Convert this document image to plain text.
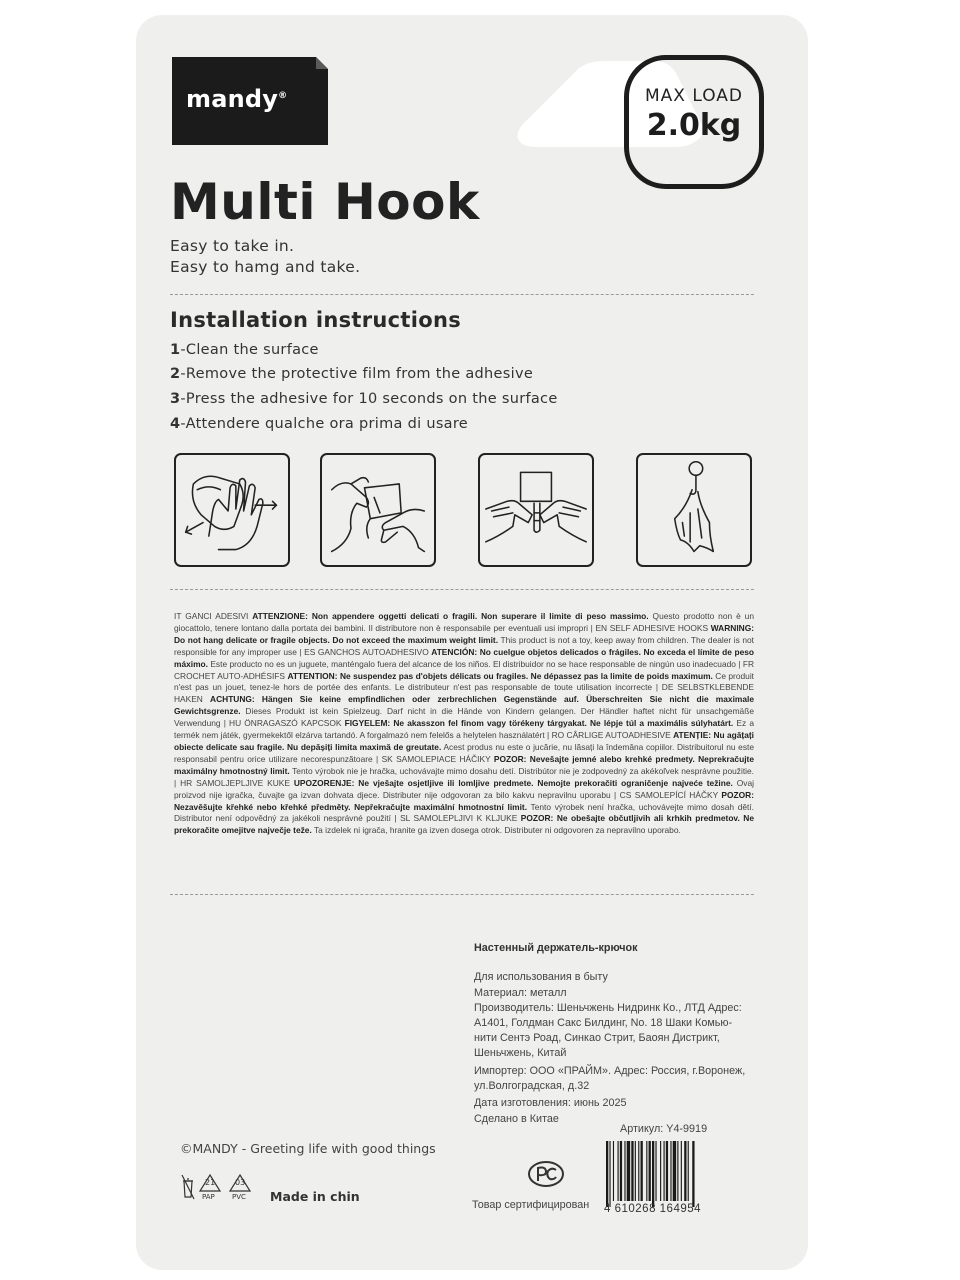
mandy®	MAX LOAD
2.0kg
Multi Hook
Easy to take in.
Easy to hamg and take.
Installation instructions
1-Clean the surface
2-Remove the protective film from the adhesive
3-Press the adhesive for 10 seconds on the surface
4-Attendere qualche ora prima di usare
IT GANCI ADESIVI ATTENZIONE: Non appendere oggetti delicati o fragili. Non superare il limite di peso massimo. Questo prodotto non è un giocattolo, tenere lontano dalla portata dei bambini. Il distributore non è responsabile per eventuali usi impropri | EN SELF ADHESIVE HOOKS WARNING: Do not hang delicate or fragile objects. Do not exceed the maximum weight limit. This product is not a toy, keep away from children. The dealer is not responsible for any improper use | ES GANCHOS AUTOADHESIVO ATENCIÓN: No cuelgue objetos delicados o frágiles. No exceda el límite de peso máximo. Este producto no es un juguete, manténgalo fuera del alcance de los niños. El distribuidor no se hace responsable de ningún uso inadecuado | FR CROCHET AUTO-ADHÉSIFS ATTENTION: Ne suspendez pas d'objets délicats ou fragiles. Ne dépassez pas la limite de poids maximum. Ce produit n'est pas un jouet, tenez-le hors de portée des enfants. Le distributeur n'est pas responsable de toute utilisation incorrecte | DE SELBSTKLEBENDE HAKEN ACHTUNG: Hängen Sie keine empfindlichen oder zerbrechlichen Gegenstände auf. Überschreiten Sie nicht die maximale Gewichtsgrenze. Dieses Produkt ist kein Spielzeug. Darf nicht in die Hände von Kindern gelangen. Der Händler haftet nicht für unsachgemäße Verwendung | HU ÖNRAGASZÓ KAPCSOK FIGYELEM: Ne akasszon fel finom vagy törékeny tárgyakat. Ne lépje túl a maximális súlyhatárt. Ez a termék nem játék, gyermekektől elzárva tartandó. A forgalmazó nem felelős a helytelen használatért | RO CÂRLIGE AUTOADHESIVE ATENȚIE: Nu agățați obiecte delicate sau fragile. Nu depășiți limita maximă de greutate. Acest produs nu este o jucărie, nu lăsați la îndemâna copiilor. Distribuitorul nu este responsabil pentru orice utilizare necorespunzătoare | SK SAMOLEPIACE HÁČIKY POZOR: Nevešajte jemné alebo krehké predmety. Neprekračujte maximálny hmotnostný limit. Tento výrobok nie je hračka, uchovávajte mimo dosahu detí. Distribútor nie je zodpovedný za akékoľvek nesprávne použitie. | HR SAMOLJEPLJIVE KUKE UPOZORENJE: Ne vješajte osjetljive ili lomljive predmete. Nemojte prekoračiti ograničenje najveće težine. Ovaj proizvod nije igračka, čuvajte ga izvan dohvata djece. Distributer nije odgovoran za bilo kakvu nepravilnu uporabu | CS SAMOLEPÍCÍ HÁČKY POZOR: Nezavěšujte křehké nebo křehké předměty. Nepřekračujte maximální hmotnostní limit. Tento výrobek není hračka, uchovávejte mimo dosah dětí. Distributor není odpovědný za jakékoli nesprávné použití | SL SAMOLEPLJIVI K KLJUKE POZOR: Ne obešajte občutljivih ali krhkih predmetov. Ne prekoračite omejitve največje teže. Ta izdelek ni igrača, hranite ga izven dosega otrok. Distributer ni odgovoren za nepravilno uporabo.
Настенный держатель-крючок
Для использования в быту
Материал: металл
Производитель: Шеньчжень Нидринк Ко., ЛТД Адрес:
А1401, Голдман Сакс Билдинг, No. 18 Шаки Комью-
нити Сентэ Роад, Синкао Стрит, Баоян Дистрикт,
Шеньчжень, Китай
Импортер: ООО «ПРАЙМ». Адрес: Россия, г.Воронеж,
ул.Волгоградская, д.32
Дата изготовления: июнь 2025
Сделано в Китае
Артикул: Y4-9919
©MANDY - Greeting life with good things
21
PAP
03
PVC Made in chin
Товар сертифицирован 4 610268 164954
